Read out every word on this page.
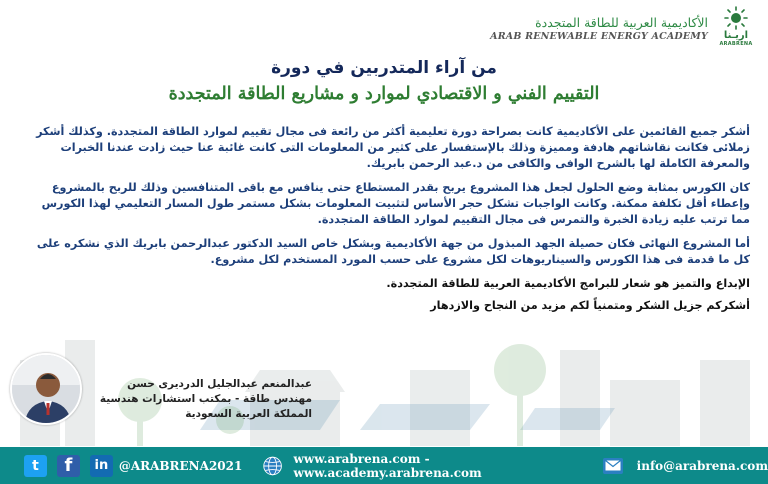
الأكاديمية العربية للطاقة المتجددة
ARAB RENEWABLE ENERGY ACADEMY اريـنا
ARABRENA
من آراء المتدربين في دورة
التقييم الفني و الاقتصادي لموارد و مشاريع الطاقة المتجددة

أشكر جميع القائمين على الأكاديمية كانت بصراحة دورة تعليمية أكثر من رائعة فى مجال تقييم لموارد الطاقة المتجددة. وكذلك أشكر زملائى فكانت نقاشاتهم هادفة ومميزة وذلك بالإستفسار على كثير من المعلومات التى كانت غائبة عنا حيث زادت عندنا الخبرات والمعرفة الكاملة لها بالشرح الوافى والكافى من د.عبد الرحمن بابريك.

كان الكورس بمثابة وضع الحلول لجعل هذا المشروع يربح بقدر المستطاع حتى ينافس مع باقى المتنافسين وذلك للربح بالمشروع وإعطاء أقل تكلفة ممكنة. وكانت الواجبات تشكل حجر الأساس لتثبيت المعلومات بشكل مستمر طول المسار التعليمي لهذا الكورس مما ترتب عليه زيادة الخبرة والتمرس فى مجال التقييم لموارد الطاقة المتجددة.

أما المشروع النهائى فكان حصيلة الجهد المبذول من جهة الأكاديمية وبشكل خاص السيد الدكتور عبدالرحمن بابريك الذي نشكره على كل ما قدمة فى هذا الكورس والسيناريوهات لكل مشروع على حسب المورد المستخدم لكل مشروع.

الإبداع والتميز هو شعار للبرامج الأكاديمية العربية للطاقة المتجددة.

أشكركم جزيل الشكر ومتمنياً لكم مزيد من النجاح والازدهار

عبدالمنعم عبدالجليل الدرديرى حسن
مهندس طاقة - بمكتب استشارات هندسية
المملكة العربية السعودية
t	f	in @ARABRENA2021	www.arabrena.com - www.academy.arabrena.com	info@arabrena.com
